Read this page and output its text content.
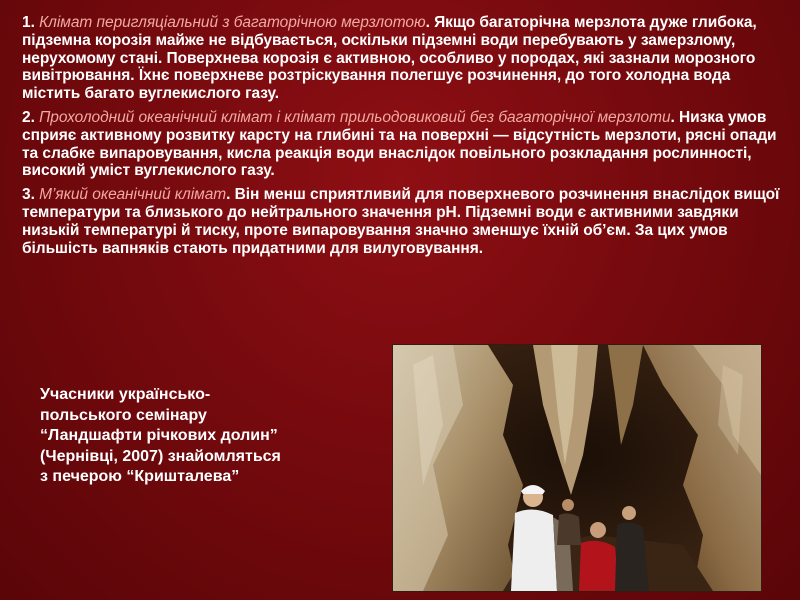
1. Клімат перигляціальний з багаторічною мерзлотою. Якщо багаторічна мерзлота дуже глибока, підземна корозія майже не відбувається, оскільки підземні води перебувають у замерзлому, нерухомому стані. Поверхнева корозія є активною, особливо у породах, які зазнали морозного вивітрювання. Їхнє поверхневе розтріскування полегшує розчинення, до того холодна вода містить багато вуглекислого газу.

2. Прохолодний океанічний клімат і клімат прильодовиковий без багаторічної мерзлоти. Низка умов сприяє активному розвитку карсту на глибині та на поверхні — відсутність мерзлоти, рясні опади та слабке випаровування, кисла реакція води внаслідок повільного розкладання рослинності, високий уміст вуглекислого газу.

3. М’який океанічний клімат. Він менш сприятливий для поверхневого розчинення внаслідок вищої температури та близького до нейтрального значення рН. Підземні води є активними завдяки низькій температурі й тиску, проте випаровування значно зменшує їхній об’єм. За цих умов більшість вапняків стають придатними для вилуговування.

Учасники українсько-польського семінару “Ландшафти річкових долин” (Чернівці, 2007) знайомляться з печерою “Кришталева”
